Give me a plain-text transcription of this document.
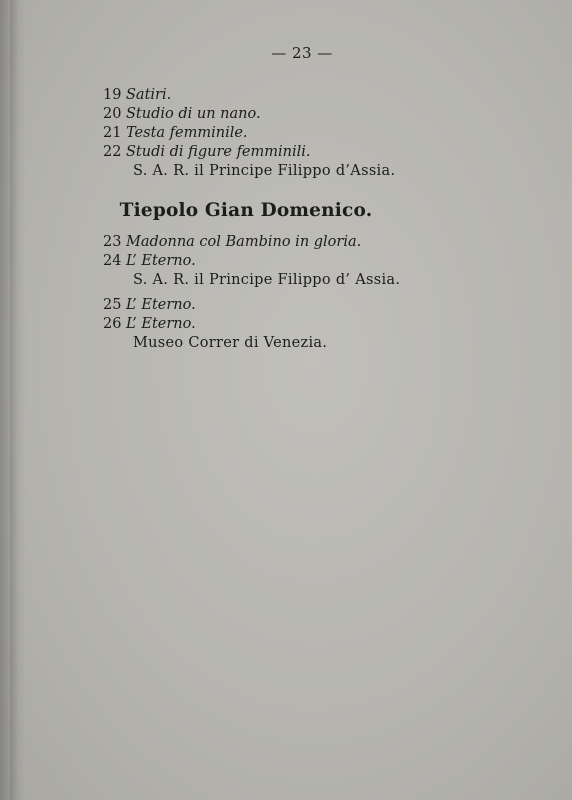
— 23 —
19 Satiri.
20 Studio di un nano.
21 Testa femminile.
22 Studi di figure femminili.
S. A. R. il Principe Filippo d’Assia.
Tiepolo Gian Domenico.
23 Madonna col Bambino in gloria.
24 L’ Eterno.
S. A. R. il Principe Filippo d’ Assia.
25 L’ Eterno.
26 L’ Eterno.
Museo Correr di Venezia.
